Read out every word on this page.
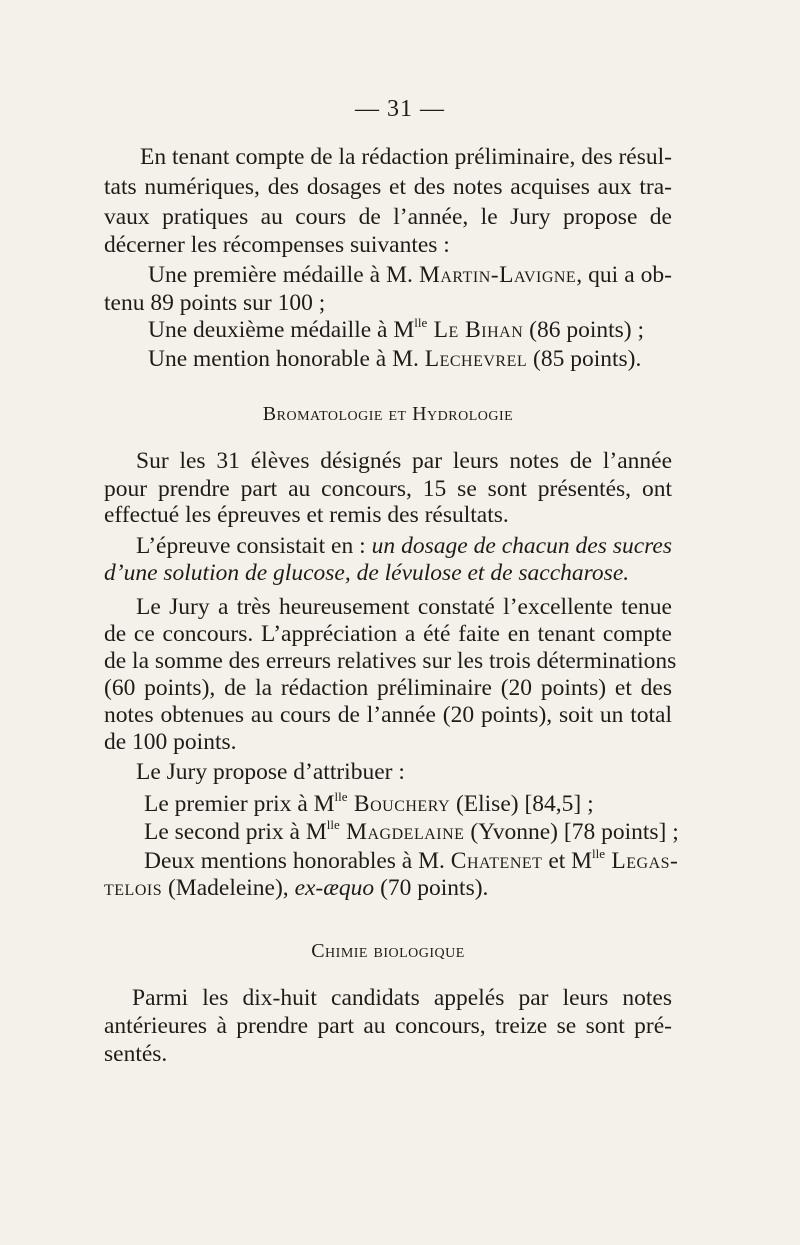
— 31 —
En tenant compte de la rédaction préliminaire, des résul-
tats numériques, des dosages et des notes acquises aux tra-
vaux pratiques au cours de l’année, le Jury propose de
décerner les récompenses suivantes :
Une première médaille à M. Martin-Lavigne, qui a ob-
tenu 89 points sur 100 ;
Une deuxième médaille à $M^{lle}$ Le Bihan (86 points) ;
Une mention honorable à M. Lechevrel (85 points).
Bromatologie et Hydrologie
Sur les 31 élèves désignés par leurs notes de l’année
pour prendre part au concours, 15 se sont présentés, ont
effectué les épreuves et remis des résultats.
L’épreuve consistait en : un dosage de chacun des sucres
d’une solution de glucose, de lévulose et de saccharose.
Le Jury a très heureusement constaté l’excellente tenue
de ce concours. L’appréciation a été faite en tenant compte
de la somme des erreurs relatives sur les trois déterminations
(60 points), de la rédaction préliminaire (20 points) et des
notes obtenues au cours de l’année (20 points), soit un total
de 100 points.
Le Jury propose d’attribuer :
Le premier prix à $M^{lle}$ Bouchery (Elise) [84,5] ;
Le second prix à $M^{lle}$ Magdelaine (Yvonne) [78 points] ;
Deux mentions honorables à M. Chatenet et $M^{lle}$ Legas-
telois (Madeleine), ex-æquo (70 points).
Chimie biologique
Parmi les dix-huit candidats appelés par leurs notes
antérieures à prendre part au concours, treize se sont pré-
sentés.
